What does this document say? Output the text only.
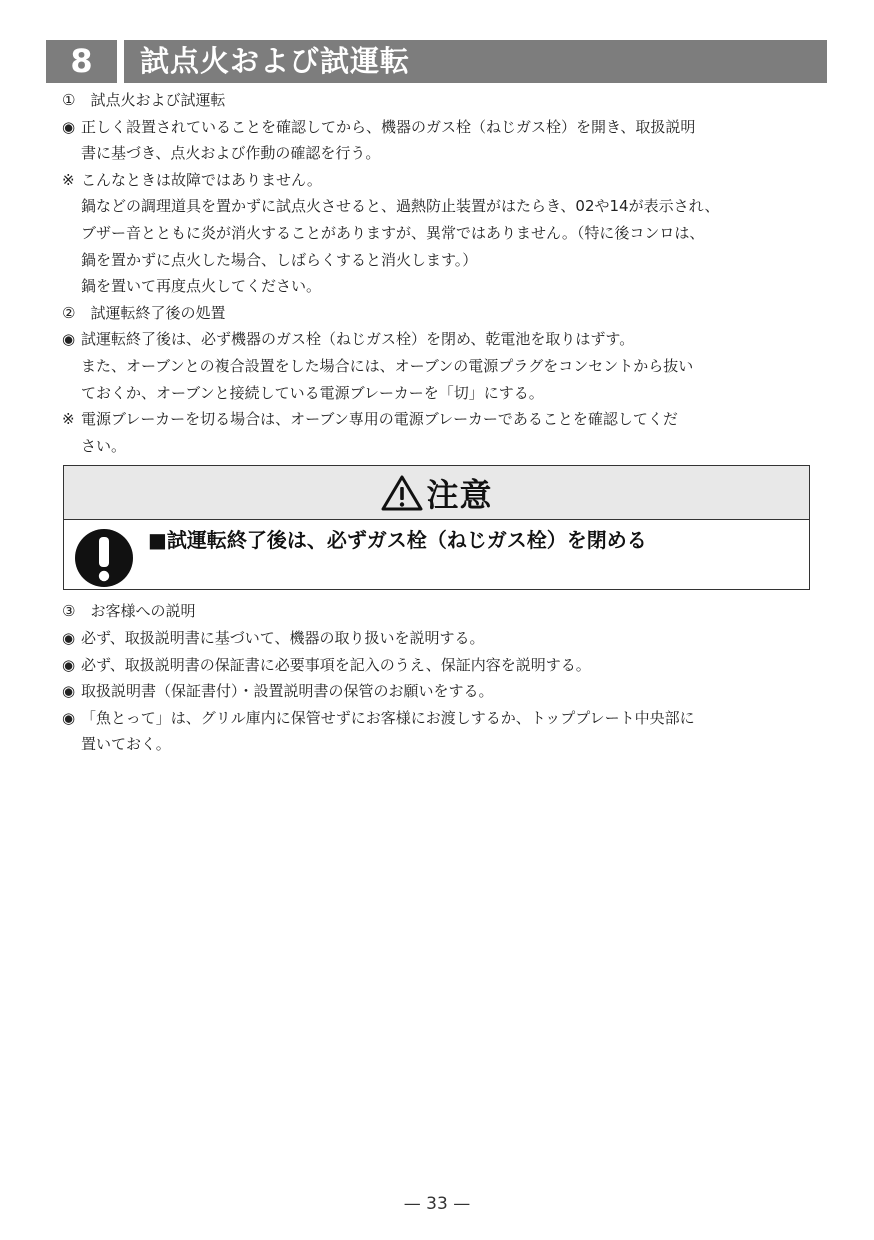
8	試点火および試運転
①　試点火および試運転
◉ 正しく設置されていることを確認してから、機器のガス栓（ねじガス栓）を開き、取扱説明
書に基づき、点火および作動の確認を行う。
※ こんなときは故障ではありません。
鍋などの調理道具を置かずに試点火させると、過熱防止装置がはたらき、02や14が表示され、
ブザー音とともに炎が消火することがありますが、異常ではありません。（特に後コンロは、
鍋を置かずに点火した場合、しばらくすると消火します。）
鍋を置いて再度点火してください。
②　試運転終了後の処置
◉ 試運転終了後は、必ず機器のガス栓（ねじガス栓）を閉め、乾電池を取りはずす。
また、オーブンとの複合設置をした場合には、オーブンの電源プラグをコンセントから抜い
ておくか、オーブンと接続している電源ブレーカーを「切」にする。
※ 電源ブレーカーを切る場合は、オーブン専用の電源ブレーカーであることを確認してくだ
さい。
注意
■試運転終了後は、必ずガス栓（ねじガス栓）を閉める
③　お客様への説明
◉ 必ず、取扱説明書に基づいて、機器の取り扱いを説明する。
◉ 必ず、取扱説明書の保証書に必要事項を記入のうえ、保証内容を説明する。
◉ 取扱説明書（保証書付）・設置説明書の保管のお願いをする。
◉ 「魚とって」は、グリル庫内に保管せずにお客様にお渡しするか、トッププレート中央部に
置いておく。
— 33 —
